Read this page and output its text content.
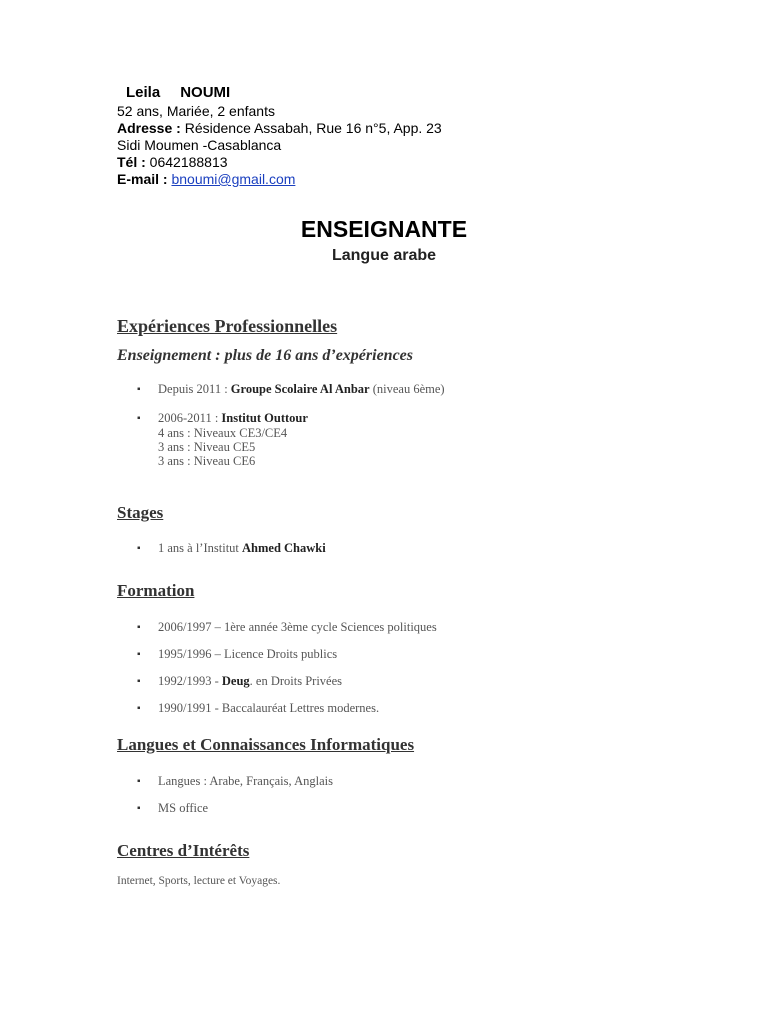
Leila NOUMI
52 ans, Mariée, 2 enfants
Adresse : Résidence Assabah, Rue 16 n°5, App. 23
Sidi Moumen -Casablanca
Tél : 0642188813
E-mail : bnoumi@gmail.com
ENSEIGNANTE
Langue arabe
Expériences Professionnelles
Enseignement : plus de 16 ans d’expériences
▪ Depuis 2011 : Groupe Scolaire Al Anbar (niveau 6ème)
▪ 2006-2011 : Institut Outtour
4 ans : Niveaux CE3/CE4
3 ans : Niveau CE5
3 ans : Niveau CE6
Stages
▪ 1 ans à l’Institut Ahmed Chawki
Formation
▪ 2006/1997 – 1ère année 3ème cycle Sciences politiques
▪ 1995/1996 – Licence Droits publics
▪ 1992/1993 - Deug. en Droits Privées
▪ 1990/1991 - Baccalauréat Lettres modernes.
Langues et Connaissances Informatiques
▪ Langues : Arabe, Français, Anglais
▪ MS office
Centres d’Intérêts
Internet, Sports, lecture et Voyages.
